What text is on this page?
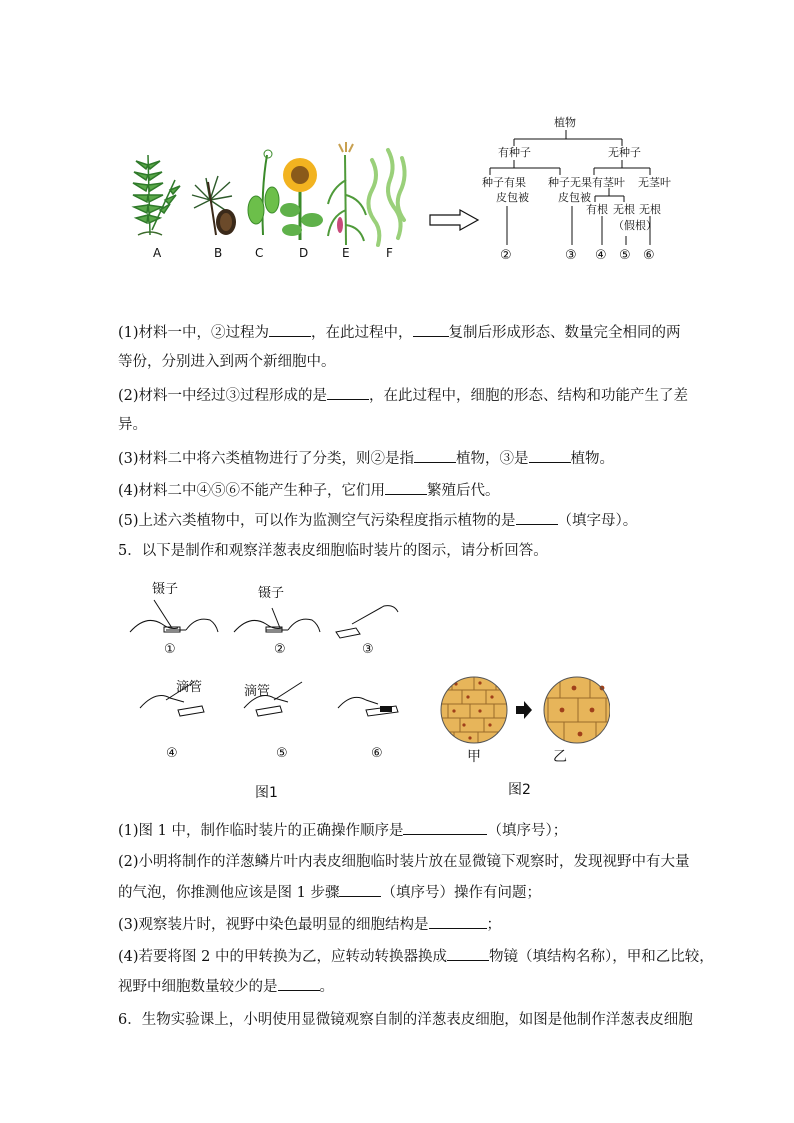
A	B	C	D	E	F
植物
有种子	无种子
种子有果
皮包被
种子无果
皮包被
有茎叶 无茎叶
有根 无根
（假根）
无根
②	③ ④ ⑤ ⑥
(1)材料一中，②过程为	，在此过程中， 复制后形成形态、数量完全相同的两
等份，分别进入到两个新细胞中。
(2)材料一中经过③过程形成的是	，在此过程中，细胞的形态、结构和功能产生了差
异。
(3)材料二中将六类植物进行了分类，则②是指	植物，③是	植物。
(4)材料二中④⑤⑥不能产生种子，它们用	繁殖后代。
(5)上述六类植物中，可以作为监测空气污染程度指示植物的是	（填字母）。
5．以下是制作和观察洋葱表皮细胞临时装片的图示，请分析回答。
镊子	镊子
滴管	滴管
①	②	③
④	⑤	⑥	甲	乙
图1	图2
(1)图 1 中，制作临时装片的正确操作顺序是	（填序号）；
(2)小明将制作的洋葱鳞片叶内表皮细胞临时装片放在显微镜下观察时，发现视野中有大量
的气泡，你推测他应该是图 1 步骤	（填序号）操作有问题；
(3)观察装片时，视野中染色最明显的细胞结构是	；
(4)若要将图 2 中的甲转换为乙，应转动转换器换成	物镜（填结构名称），甲和乙比较，
视野中细胞数量较少的是	。
6．生物实验课上，小明使用显微镜观察自制的洋葱表皮细胞，如图是他制作洋葱表皮细胞
